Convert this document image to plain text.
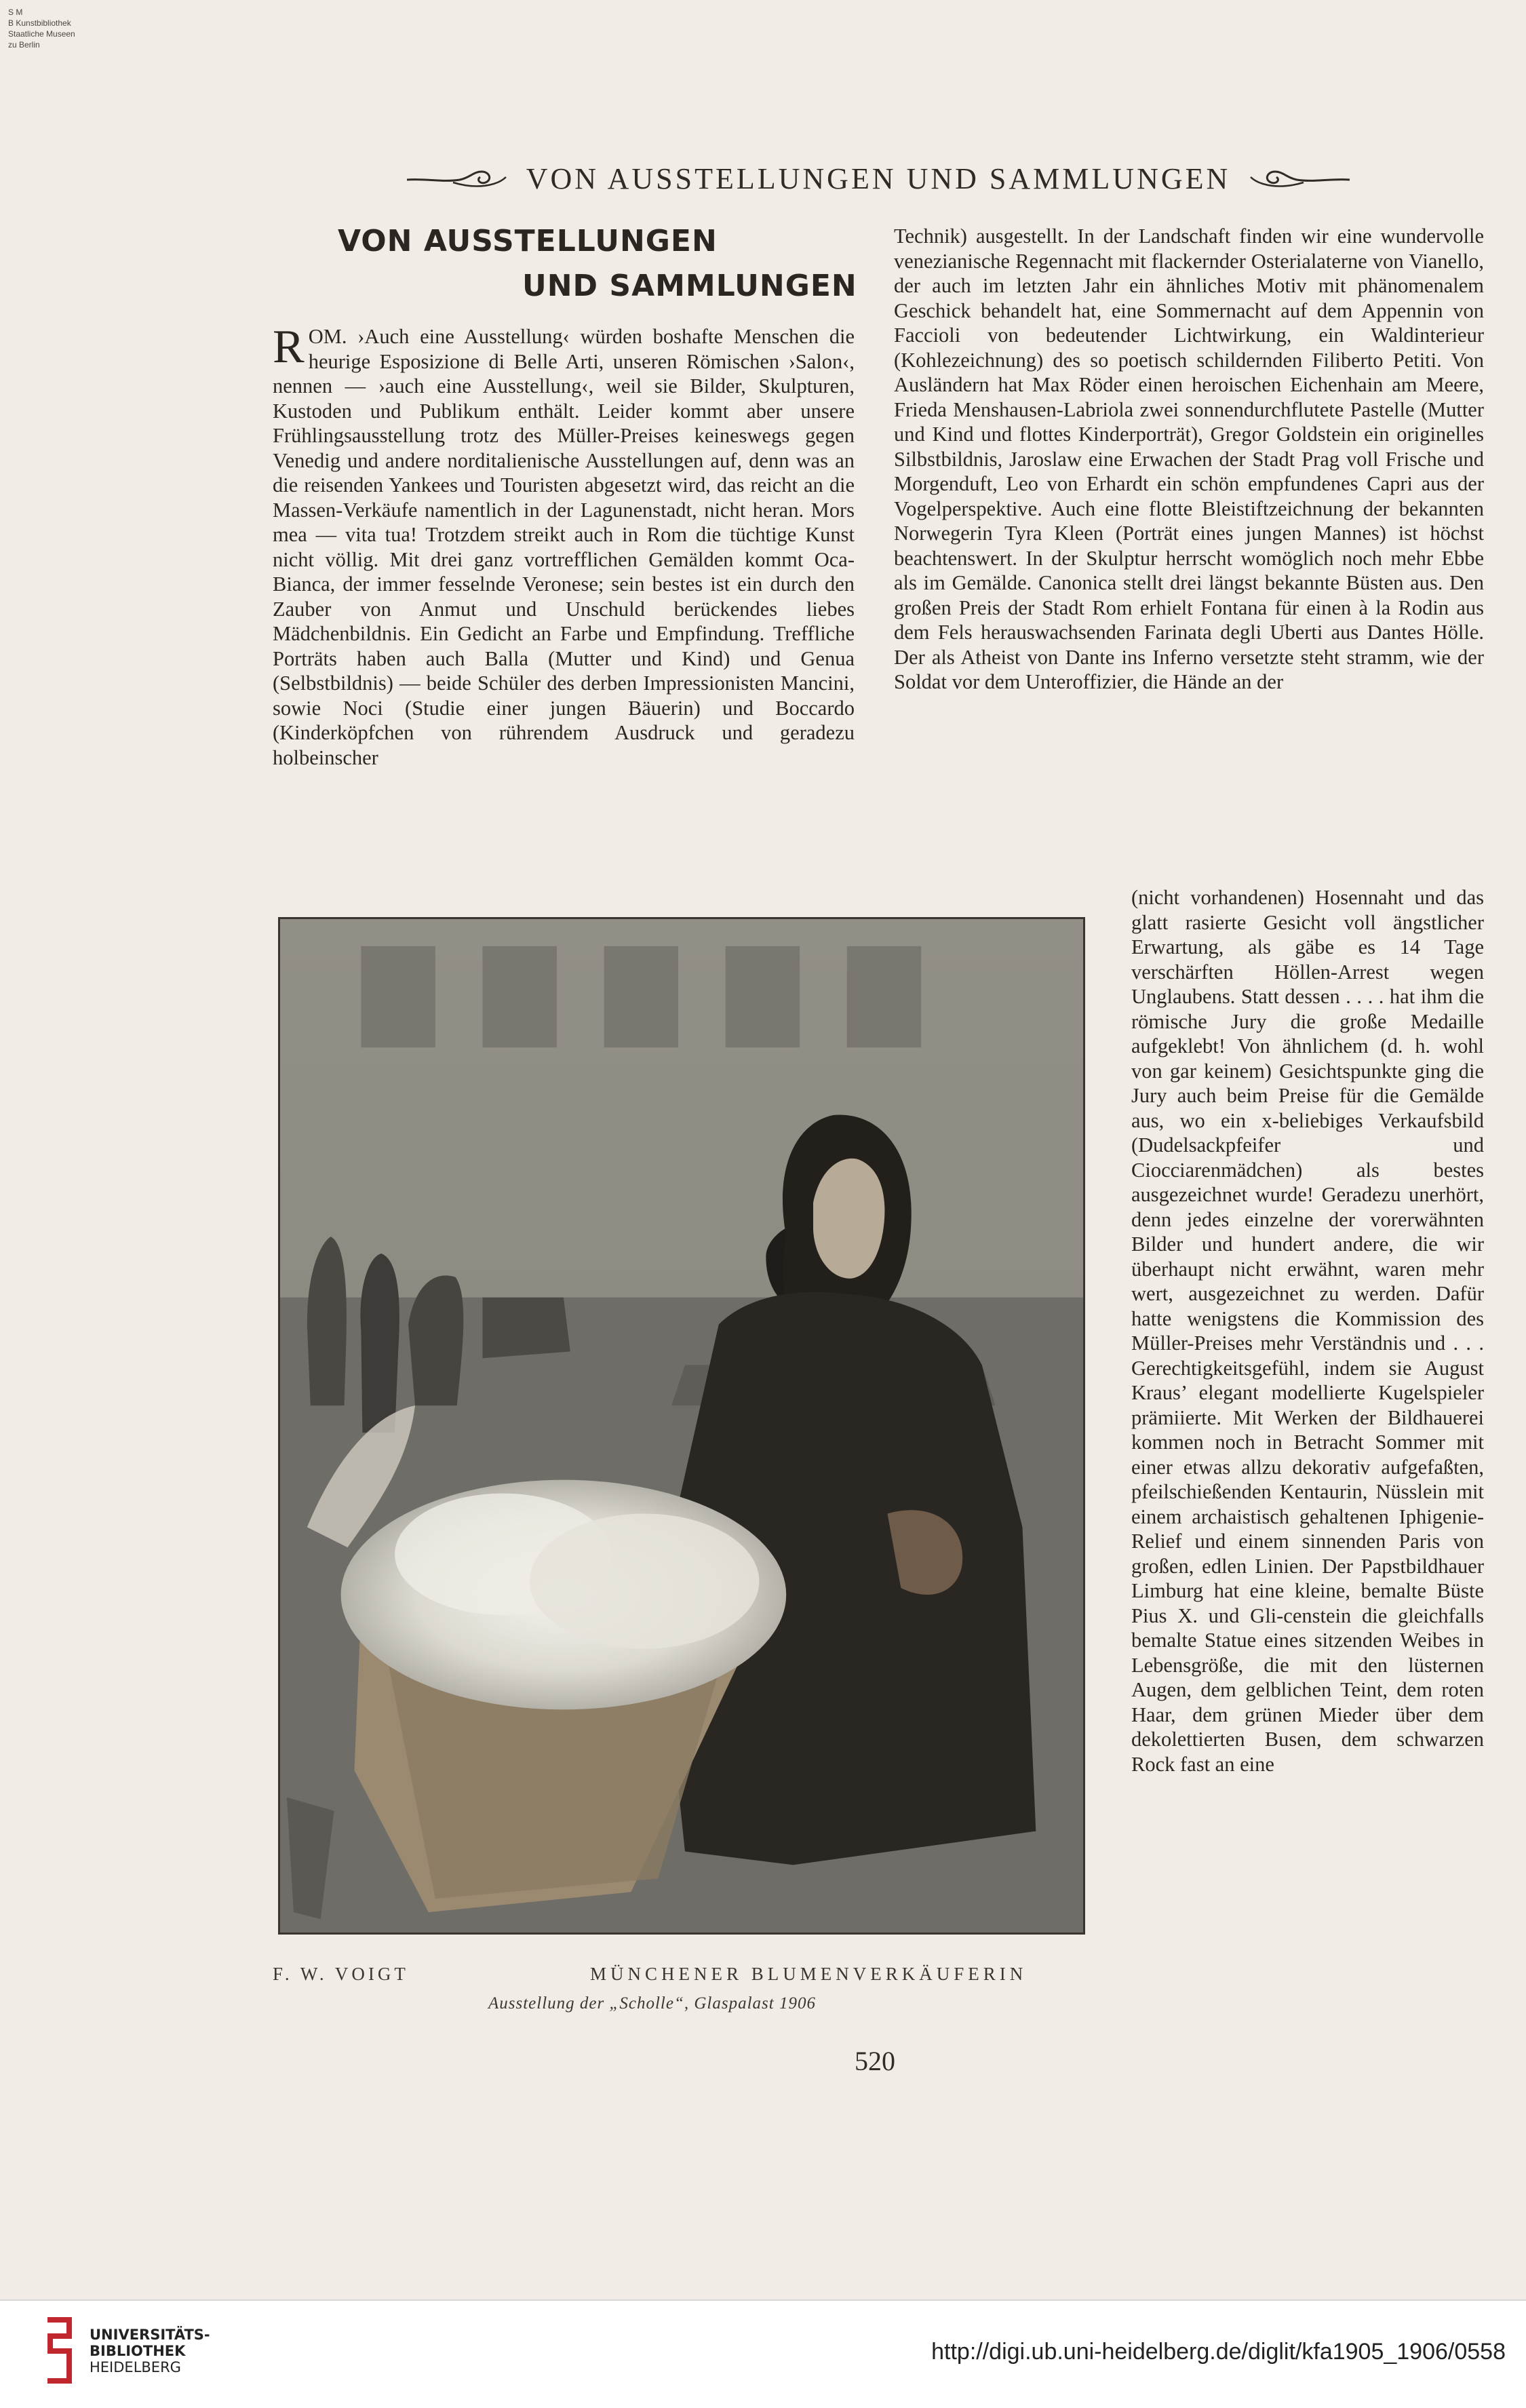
S M
B Kunstbibliothek
Staatliche Museen
zu Berlin
VON AUSSTELLUNGEN UND SAMMLUNGEN
VON AUSSTELLUNGEN
UND SAMMLUNGEN
R OM. ›Auch eine Ausstellung‹ würden boshafte Menschen die heurige Esposizione di Belle Arti, unseren Römischen ›Salon‹, nennen — ›auch eine Ausstellung‹, weil sie Bilder, Skulpturen, Kustoden und Publikum enthält. Leider kommt aber unsere Frühlingsausstellung trotz des Müller-Preises keineswegs gegen Venedig und andere norditalienische Ausstellungen auf, denn was an die reisenden Yankees und Touristen abgesetzt wird, das reicht an die Massen-Verkäufe namentlich in der Lagunenstadt, nicht heran. Mors mea — vita tua! Trotzdem streikt auch in Rom die tüchtige Kunst nicht völlig. Mit drei ganz vortrefflichen Gemälden kommt Oca-Bianca, der immer fesselnde Veronese; sein bestes ist ein durch den Zauber von Anmut und Unschuld berückendes liebes Mädchenbildnis. Ein Gedicht an Farbe und Empfindung. Treffliche Porträts haben auch Balla (Mutter und Kind) und Genua (Selbstbildnis) — beide Schüler des derben Impressionisten Mancini, sowie Noci (Studie einer jungen Bäuerin) und Boccardo (Kinderköpfchen von rührendem Ausdruck und geradezu holbeinscher
Technik) ausgestellt. In der Landschaft finden wir eine wundervolle venezianische Regennacht mit flackernder Osterialaterne von Vianello, der auch im letzten Jahr ein ähnliches Motiv mit phänomenalem Geschick behandelt hat, eine Sommernacht auf dem Appennin von Faccioli von bedeutender Lichtwirkung, ein Waldinterieur (Kohlezeichnung) des so poetisch schildernden Filiberto Petiti. Von Ausländern hat Max Röder einen heroischen Eichenhain am Meere, Frieda Menshausen-Labriola zwei sonnendurchflutete Pastelle (Mutter und Kind und flottes Kinderporträt), Gregor Goldstein ein originelles Silbstbildnis, Jaroslaw eine Erwachen der Stadt Prag voll Frische und Morgenduft, Leo von Erhardt ein schön empfundenes Capri aus der Vogelperspektive. Auch eine flotte Bleistiftzeichnung der bekannten Norwegerin Tyra Kleen (Porträt eines jungen Mannes) ist höchst beachtenswert. In der Skulptur herrscht womöglich noch mehr Ebbe als im Gemälde. Canonica stellt drei längst bekannte Büsten aus. Den großen Preis der Stadt Rom erhielt Fontana für einen à la Rodin aus dem Fels herauswachsenden Farinata degli Uberti aus Dantes Hölle. Der als Atheist von Dante ins Inferno versetzte steht stramm, wie der Soldat vor dem Unteroffizier, die Hände an der
(nicht vorhandenen) Hosennaht und das glatt rasierte Gesicht voll ängstlicher Erwartung, als gäbe es 14 Tage verschärften Höllen-Arrest wegen Unglaubens. Statt dessen . . . . hat ihm die römische Jury die große Medaille aufgeklebt! Von ähnlichem (d. h. wohl von gar keinem) Gesichtspunkte ging die Jury auch beim Preise für die Gemälde aus, wo ein x-beliebiges Verkaufsbild (Dudelsackpfeifer und Ciocciarenmädchen) als bestes ausgezeichnet wurde! Geradezu unerhört, denn jedes einzelne der vorerwähnten Bilder und hundert andere, die wir überhaupt nicht erwähnt, waren mehr wert, ausgezeichnet zu werden. Dafür hatte wenigstens die Kommission des Müller-Preises mehr Verständnis und . . . Gerechtigkeitsgefühl, indem sie August Kraus’ elegant modellierte Kugelspieler prämiierte. Mit Werken der Bildhauerei kommen noch in Betracht Sommer mit einer etwas allzu dekorativ aufgefaßten, pfeilschießenden Kentaurin, Nüsslein mit einem archaistisch gehaltenen Iphigenie-Relief und einem sinnenden Paris von großen, edlen Linien. Der Papstbildhauer Limburg hat eine kleine, bemalte Büste Pius X. und Gli-censtein die gleichfalls bemalte Statue eines sitzenden Weibes in Lebensgröße, die mit den lüsternen Augen, dem gelblichen Teint, dem roten Haar, dem grünen Mieder über dem dekolettierten Busen, dem schwarzen Rock fast an eine
F. W. VOIGT	MÜNCHENER BLUMENVERKÄUFERIN
Ausstellung der „Scholle“, Glaspalast 1906
520
UNIVERSITÄTS-
BIBLIOTHEK
HEIDELBERG
http://digi.ub.uni-heidelberg.de/diglit/kfa1905_1906/0558
